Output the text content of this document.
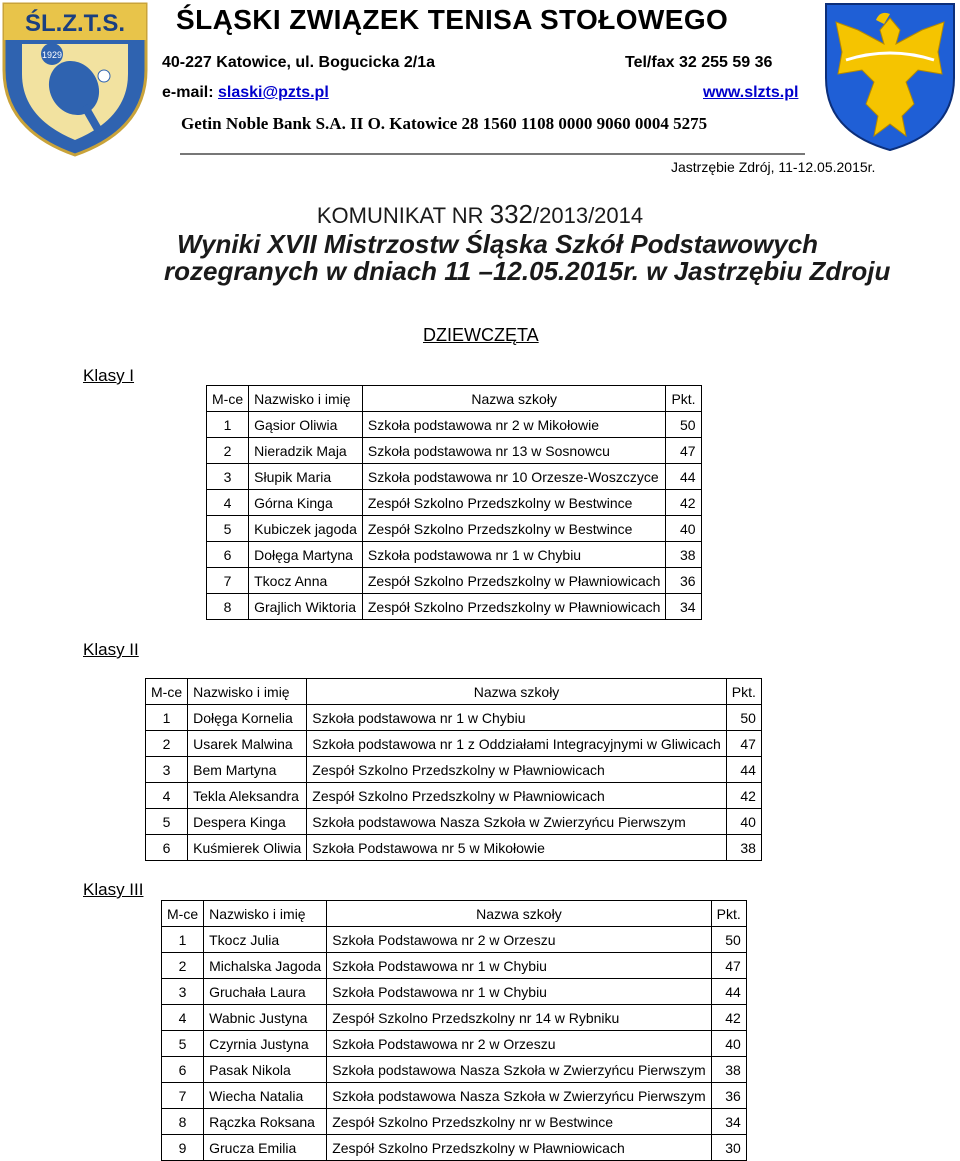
ŚL.Z.T.S.
1929
ŚLĄSKI ZWIĄZEK TENISA STOŁOWEGO
40-227 Katowice, ul. Bogucicka 2/1a	Tel/fax 32 255 59 36
e-mail: slaski@pzts.pl	www.slzts.pl
Getin Noble Bank S.A. II O. Katowice 28 1560 1108 0000 9060 0004 5275
Jastrzębie Zdrój, 11-12.05.2015r.
KOMUNIKAT NR 332/2013/2014
Wyniki XVII Mistrzostw Śląska Szkół Podstawowych
rozegranych w dniach 11 –12.05.2015r. w Jastrzębiu Zdroju
DZIEWCZĘTA
Klasy I
M-ce	Nazwisko i imię	Nazwa szkoły	Pkt.
1	Gąsior Oliwia	Szkoła podstawowa nr 2 w Mikołowie	50
2	Nieradzik Maja	Szkoła podstawowa nr 13 w Sosnowcu	47
3	Słupik Maria	Szkoła podstawowa nr 10 Orzesze-Woszczyce	44
4	Górna Kinga	Zespół Szkolno Przedszkolny w Bestwince	42
5	Kubiczek jagoda	Zespół Szkolno Przedszkolny w Bestwince	40
6	Dołęga Martyna	Szkoła podstawowa nr 1 w Chybiu	38
7	Tkocz Anna	Zespół Szkolno Przedszkolny w Pławniowicach	36
8	Grajlich Wiktoria	Zespół Szkolno Przedszkolny w Pławniowicach	34
Klasy II
M-ce	Nazwisko i imię	Nazwa szkoły	Pkt.
1	Dołęga Kornelia	Szkoła podstawowa nr 1 w Chybiu	50
2	Usarek Malwina	Szkoła podstawowa nr 1 z Oddziałami Integracyjnymi w Gliwicach	47
3	Bem Martyna	Zespół Szkolno Przedszkolny w Pławniowicach	44
4	Tekla Aleksandra	Zespół Szkolno Przedszkolny w Pławniowicach	42
5	Despera Kinga	Szkoła podstawowa Nasza Szkoła w Zwierzyńcu Pierwszym	40
6	Kuśmierek Oliwia	Szkoła Podstawowa nr 5 w Mikołowie	38
Klasy III
M-ce	Nazwisko i imię	Nazwa szkoły	Pkt.
1	Tkocz Julia	Szkoła Podstawowa nr 2 w Orzeszu	50
2	Michalska Jagoda	Szkoła Podstawowa nr 1 w Chybiu	47
3	Gruchała Laura	Szkoła Podstawowa nr 1 w Chybiu	44
4	Wabnic Justyna	Zespół Szkolno Przedszkolny nr 14 w Rybniku	42
5	Czyrnia Justyna	Szkoła Podstawowa nr 2 w Orzeszu	40
6	Pasak Nikola	Szkoła podstawowa Nasza Szkoła w Zwierzyńcu Pierwszym	38
7	Wiecha Natalia	Szkoła podstawowa Nasza Szkoła w Zwierzyńcu Pierwszym	36
8	Rączka Roksana	Zespół Szkolno Przedszkolny nr w Bestwince	34
9	Grucza Emilia	Zespół Szkolno Przedszkolny w Pławniowicach	30
